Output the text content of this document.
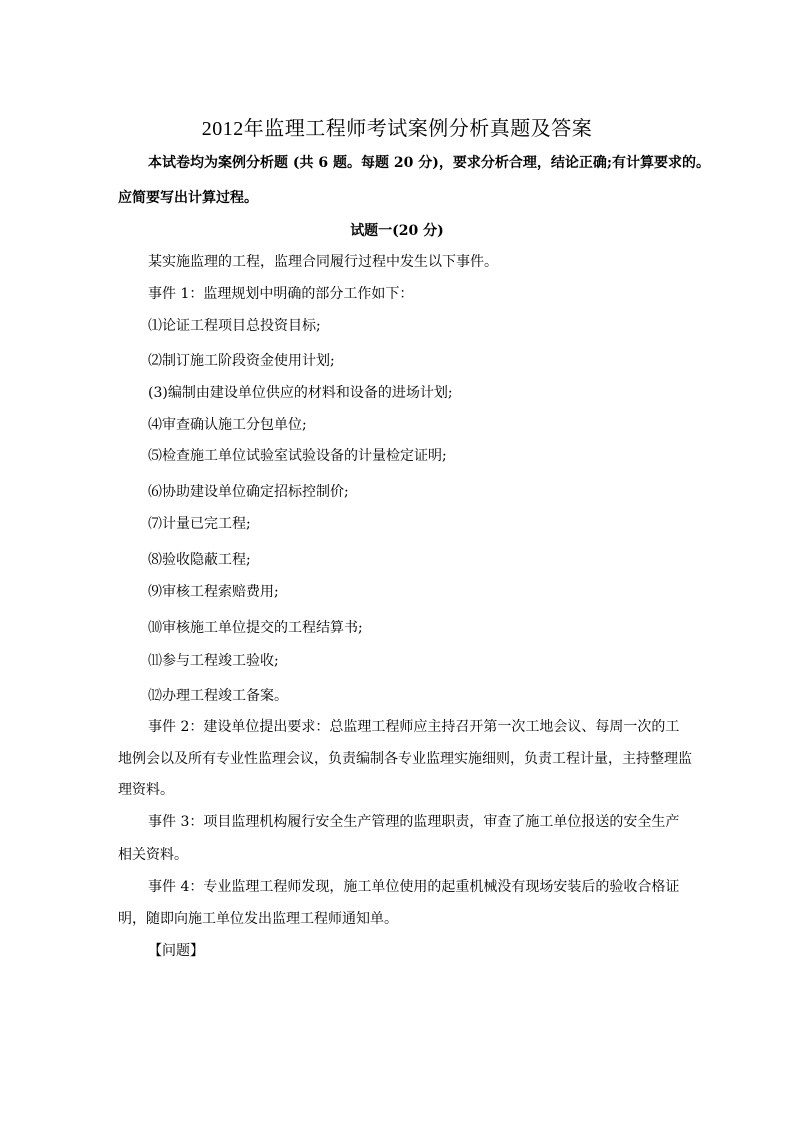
2012年监理工程师考试案例分析真题及答案
本试卷均为案例分析题 (共 6 题。每题 20 分)，要求分析合理，结论正确;有计算要求的。
应简要写出计算过程。
试题一(20 分)
某实施监理的工程，监理合同履行过程中发生以下事件。
事件 1：监理规划中明确的部分工作如下：
⑴论证工程项目总投资目标;
⑵制订施工阶段资金使用计划;
(3)编制由建设单位供应的材料和设备的进场计划;
⑷审查确认施工分包单位;
⑸检查施工单位试验室试验设备的计量检定证明;
⑹协助建设单位确定招标控制价;
⑺计量已完工程;
⑻验收隐蔽工程;
⑼审核工程索赔费用;
⑽审核施工单位提交的工程结算书;
⑾参与工程竣工验收;
⑿办理工程竣工备案。
事件 2：建设单位提出要求：总监理工程师应主持召开第一次工地会议、每周一次的工
地例会以及所有专业性监理会议，负责编制各专业监理实施细则，负责工程计量，主持整理监
理资料。
事件 3：项目监理机构履行安全生产管理的监理职责，审查了施工单位报送的安全生产
相关资料。
事件 4：专业监理工程师发现，施工单位使用的起重机械没有现场安装后的验收合格证
明，随即向施工单位发出监理工程师通知单。
【问题】
